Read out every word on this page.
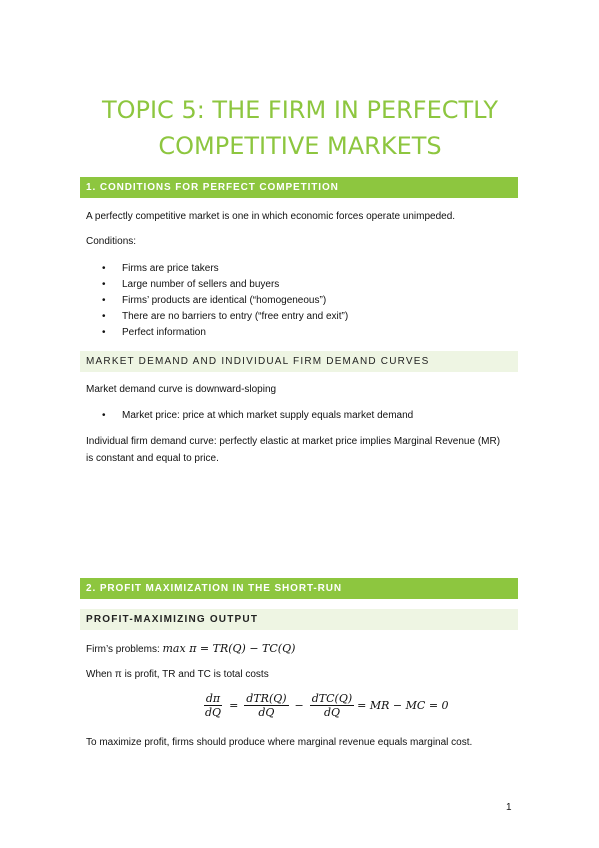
TOPIC 5: THE FIRM IN PERFECTLY COMPETITIVE MARKETS
1. CONDITIONS FOR PERFECT COMPETITION

A perfectly competitive market is one in which economic forces operate unimpeded.

Conditions:

• Firms are price takers
• Large number of sellers and buyers
• Firms’ products are identical (“homogeneous”)
• There are no barriers to entry (“free entry and exit”)
• Perfect information
MARKET DEMAND AND INDIVIDUAL FIRM DEMAND CURVES

Market demand curve is downward-sloping

• Market price: price at which market supply equals market demand

Individual firm demand curve: perfectly elastic at market price implies Marginal Revenue (MR)

is constant and equal to price.

2. PROFIT MAXIMIZATION IN THE SHORT-RUN
PROFIT-MAXIMIZING OUTPUT

Firm’s problems: max π = TR(Q) − TC(Q)

When π is profit, TR and TC is total costs

$\frac{d\pi}{dQ} = \frac{\text{dTR(Q)}}{dQ} - \frac{\text{dTC(Q)}}{dQ}$ = MR − MC = 0

To maximize profit, firms should produce where marginal revenue equals marginal cost.

1
